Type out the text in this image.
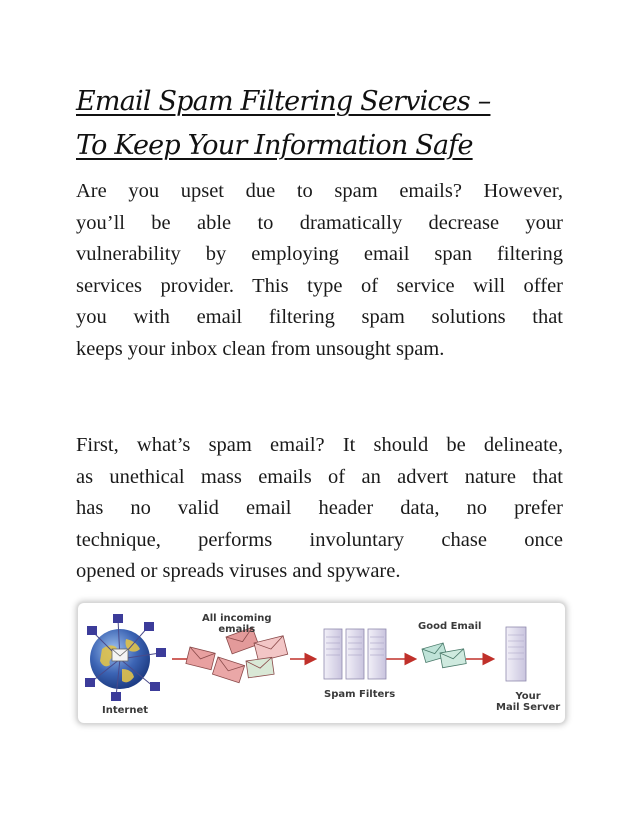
Email Spam Filtering Services –
To Keep Your Information Safe

Are you upset due to spam emails? However,
you’ll be able to dramatically decrease your
vulnerability by employing email span filtering
services provider. This type of service will offer
you with email filtering spam solutions that
keeps your inbox clean from unsought spam.

First, what’s spam email? It should be delineate,
as unethical mass emails of an advert nature that
has no valid email header data, no prefer
technique, performs involuntary chase once
opened or spreads viruses and spyware.

All incoming
emails	Good Email
Internet
Spam Filters	Your
Mail Server
